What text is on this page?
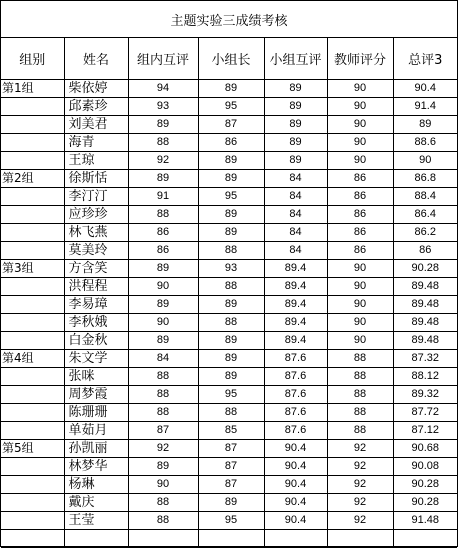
主题实验三成绩考核
组别	姓名	组内互评	小组长	小组互评	教师评分	总评3
第1组	柴依婷	94	89	89	90	90.4
	邱素珍	93	95	89	90	91.4
	刘美君	89	87	89	90	89
	海青	88	86	89	90	88.6
	王琼	92	89	89	90	90
第2组	徐斯恬	89	89	84	86	86.8
	李汀汀	91	95	84	86	88.4
	应珍珍	88	89	84	86	86.4
	林飞燕	86	89	84	86	86.2
	莫美玲	86	88	84	86	86
第3组	方含笑	89	93	89.4	90	90.28
	洪程程	90	88	89.4	90	89.48
	李易璋	89	89	89.4	90	89.48
	李秋娥	90	88	89.4	90	89.48
	白金秋	89	89	89.4	90	89.48
第4组	朱文学	84	89	87.6	88	87.32
	张咪	88	89	87.6	88	88.12
	周梦霞	88	95	87.6	88	89.32
	陈珊珊	88	88	87.6	88	87.72
	单茹月	87	85	87.6	88	87.12
第5组	孙凯丽	92	87	90.4	92	90.68
	林梦华	89	87	90.4	92	90.08
	杨琳	90	87	90.4	92	90.28
	戴庆	88	89	90.4	92	90.28
	王莹	88	95	90.4	92	91.48
